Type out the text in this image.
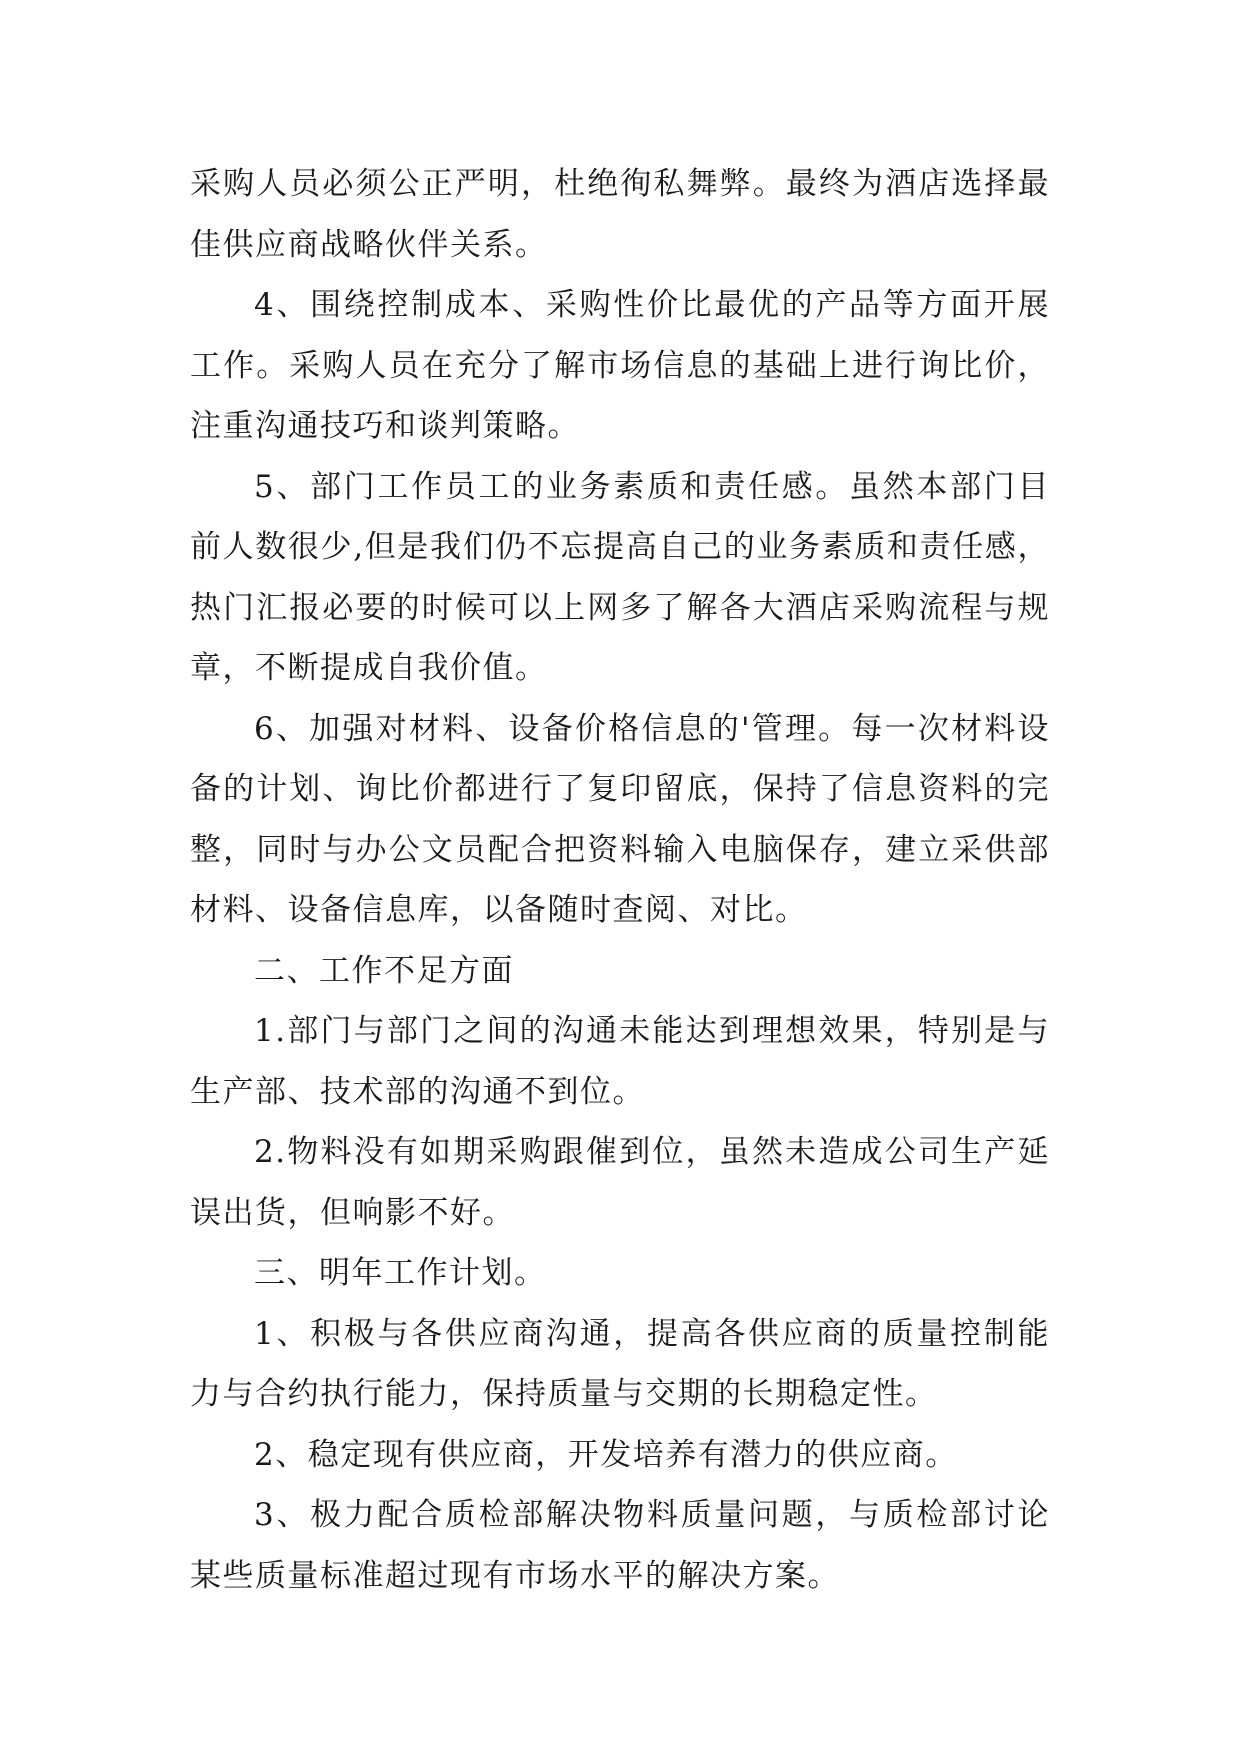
采购人员必须公正严明，杜绝徇私舞弊。最终为酒店选择最佳供应商战略伙伴关系。

4、围绕控制成本、采购性价比最优的产品等方面开展工作。采购人员在充分了解市场信息的基础上进行询比价，注重沟通技巧和谈判策略。

5、部门工作员工的业务素质和责任感。虽然本部门目前人数很少,但是我们仍不忘提高自己的业务素质和责任感，热门汇报必要的时候可以上网多了解各大酒店采购流程与规章，不断提成自我价值。

6、加强对材料、设备价格信息的'管理。每一次材料设备的计划、询比价都进行了复印留底，保持了信息资料的完整，同时与办公文员配合把资料输入电脑保存，建立采供部材料、设备信息库，以备随时查阅、对比。

二、工作不足方面

1.部门与部门之间的沟通未能达到理想效果，特别是与生产部、技术部的沟通不到位。

2.物料没有如期采购跟催到位，虽然未造成公司生产延误出货，但响影不好。

三、明年工作计划。

1、积极与各供应商沟通，提高各供应商的质量控制能力与合约执行能力，保持质量与交期的长期稳定性。

2、稳定现有供应商，开发培养有潜力的供应商。

3、极力配合质检部解决物料质量问题，与质检部讨论某些质量标准超过现有市场水平的解决方案。
